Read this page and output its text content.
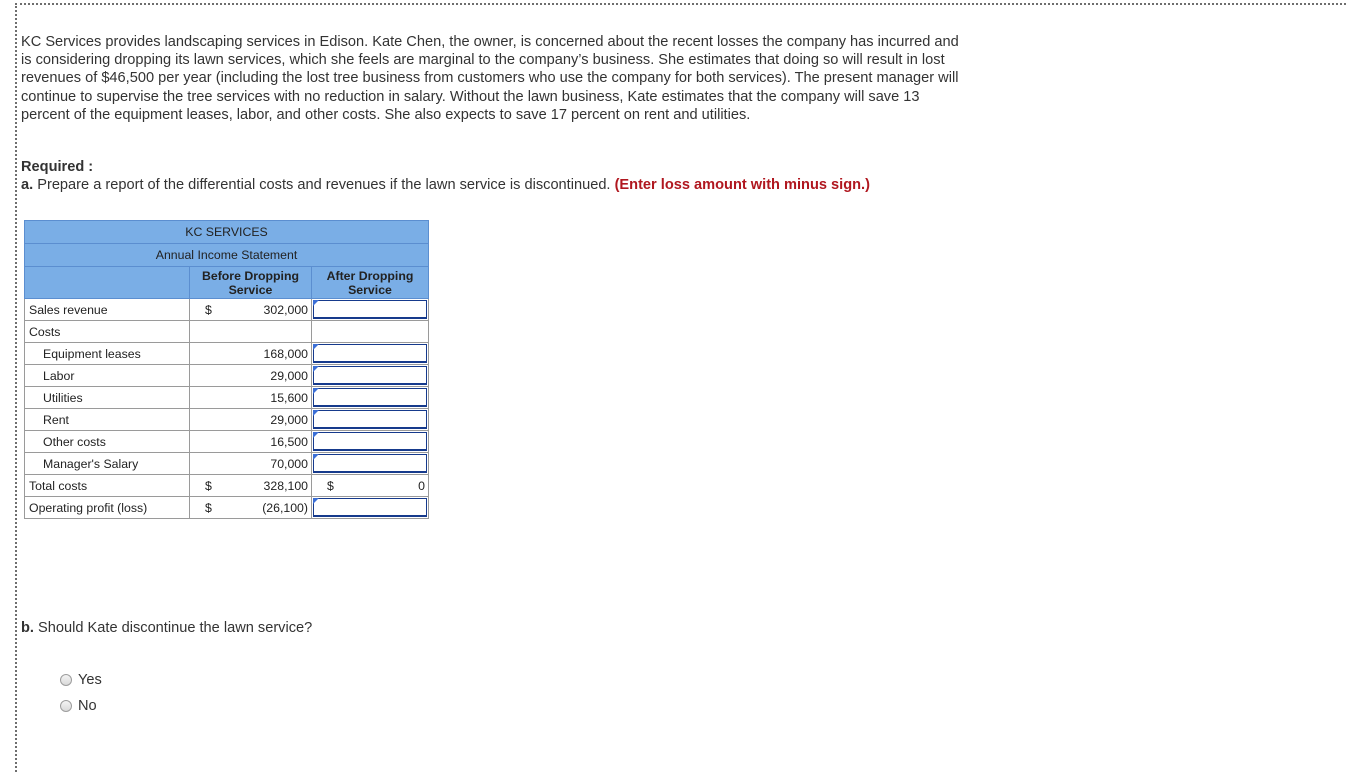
KC Services provides landscaping services in Edison. Kate Chen, the owner, is concerned about the recent losses the company has incurred and is considering dropping its lawn services, which she feels are marginal to the company’s business. She estimates that doing so will result in lost revenues of $46,500 per year (including the lost tree business from customers who use the company for both services). The present manager will continue to supervise the tree services with no reduction in salary. Without the lawn business, Kate estimates that the company will save 13 percent of the equipment leases, labor, and other costs. She also expects to save 17 percent on rent and utilities.
Required :
a. Prepare a report of the differential costs and revenues if the lawn service is discontinued. (Enter loss amount with minus sign.)
KC SERVICES		
Annual Income Statement		
	Before Dropping Service	After Dropping Service
Sales revenue	$ 302,000	

Costs	

Equipment leases	168,000	

Labor	29,000	

Utilities	15,600	

Rent	29,000	

Other costs	16,500	

Manager's Salary	70,000	

Total costs	$ 328,100	$ 0

Operating profit (loss)	$ (26,100)	

b. Should Kate discontinue the lawn service?
Yes
No
